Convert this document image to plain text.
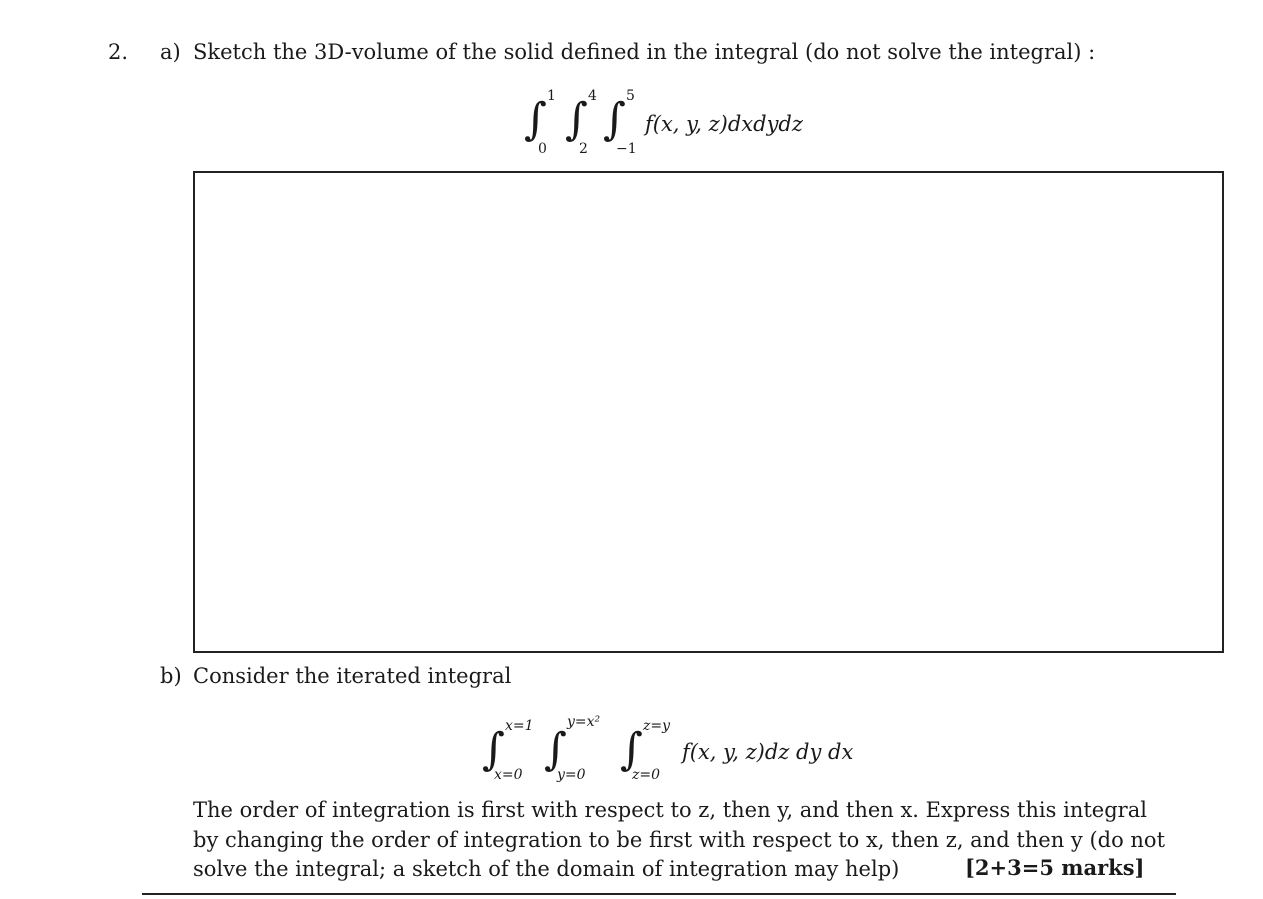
2. a) Sketch the 3D-volume of the solid defined in the integral (do not solve the integral) :
∫ 1
0
∫ 4
2
∫ 5
−1
f(x, y, z)dxdydz
b) Consider the iterated integral
∫ x=1
x=0 ∫
y=x²
y=0 ∫ z=y
z=0
f(x, y, z)dz dy dx
The order of integration is first with respect to z, then y, and then x. Express this integral
by changing the order of integration to be first with respect to x, then z, and then y (do not
solve the integral; a sketch of the domain of integration may help)	[2+3=5 marks]
